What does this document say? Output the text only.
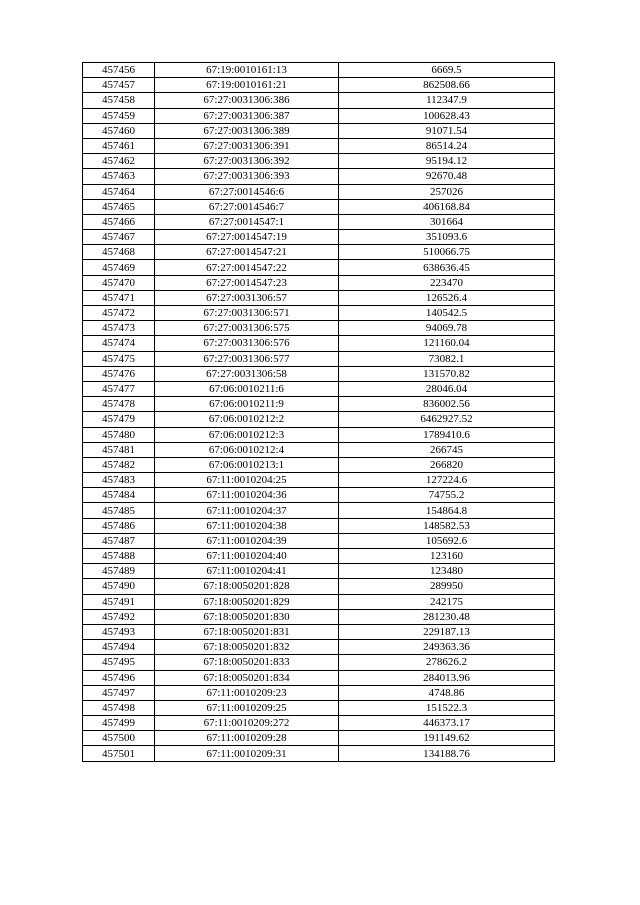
457456	67:19:0010161:13	6669.5
457457	67:19:0010161:21	862508.66
457458	67:27:0031306:386	112347.9
457459	67:27:0031306:387	100628.43
457460	67:27:0031306:389	91071.54
457461	67:27:0031306:391	86514.24
457462	67:27:0031306:392	95194.12
457463	67:27:0031306:393	92670.48
457464	67:27:0014546:6	257026
457465	67:27:0014546:7	406168.84
457466	67:27:0014547:1	301664
457467	67:27:0014547:19	351093.6
457468	67:27:0014547:21	510066.75
457469	67:27:0014547:22	638636.45
457470	67:27:0014547:23	223470
457471	67:27:0031306:57	126526.4
457472	67:27:0031306:571	140542.5
457473	67:27:0031306:575	94069.78
457474	67:27:0031306:576	121160.04
457475	67:27:0031306:577	73082.1
457476	67:27:0031306:58	131570.82
457477	67:06:0010211:6	28046.04
457478	67:06:0010211:9	836002.56
457479	67:06:0010212:2	6462927.52
457480	67:06:0010212:3	1789410.6
457481	67:06:0010212:4	266745
457482	67:06:0010213:1	266820
457483	67:11:0010204:25	127224.6
457484	67:11:0010204:36	74755.2
457485	67:11:0010204:37	154864.8
457486	67:11:0010204:38	148582.53
457487	67:11:0010204:39	105692.6
457488	67:11:0010204:40	123160
457489	67:11:0010204:41	123480
457490	67:18:0050201:828	289950
457491	67:18:0050201:829	242175
457492	67:18:0050201:830	281230.48
457493	67:18:0050201:831	229187.13
457494	67:18:0050201:832	249363.36
457495	67:18:0050201:833	278626.2
457496	67:18:0050201:834	284013.96
457497	67:11:0010209:23	4748.86
457498	67:11:0010209:25	151522.3
457499	67:11:0010209:272	446373.17
457500	67:11:0010209:28	191149.62
457501	67:11:0010209:31	134188.76
